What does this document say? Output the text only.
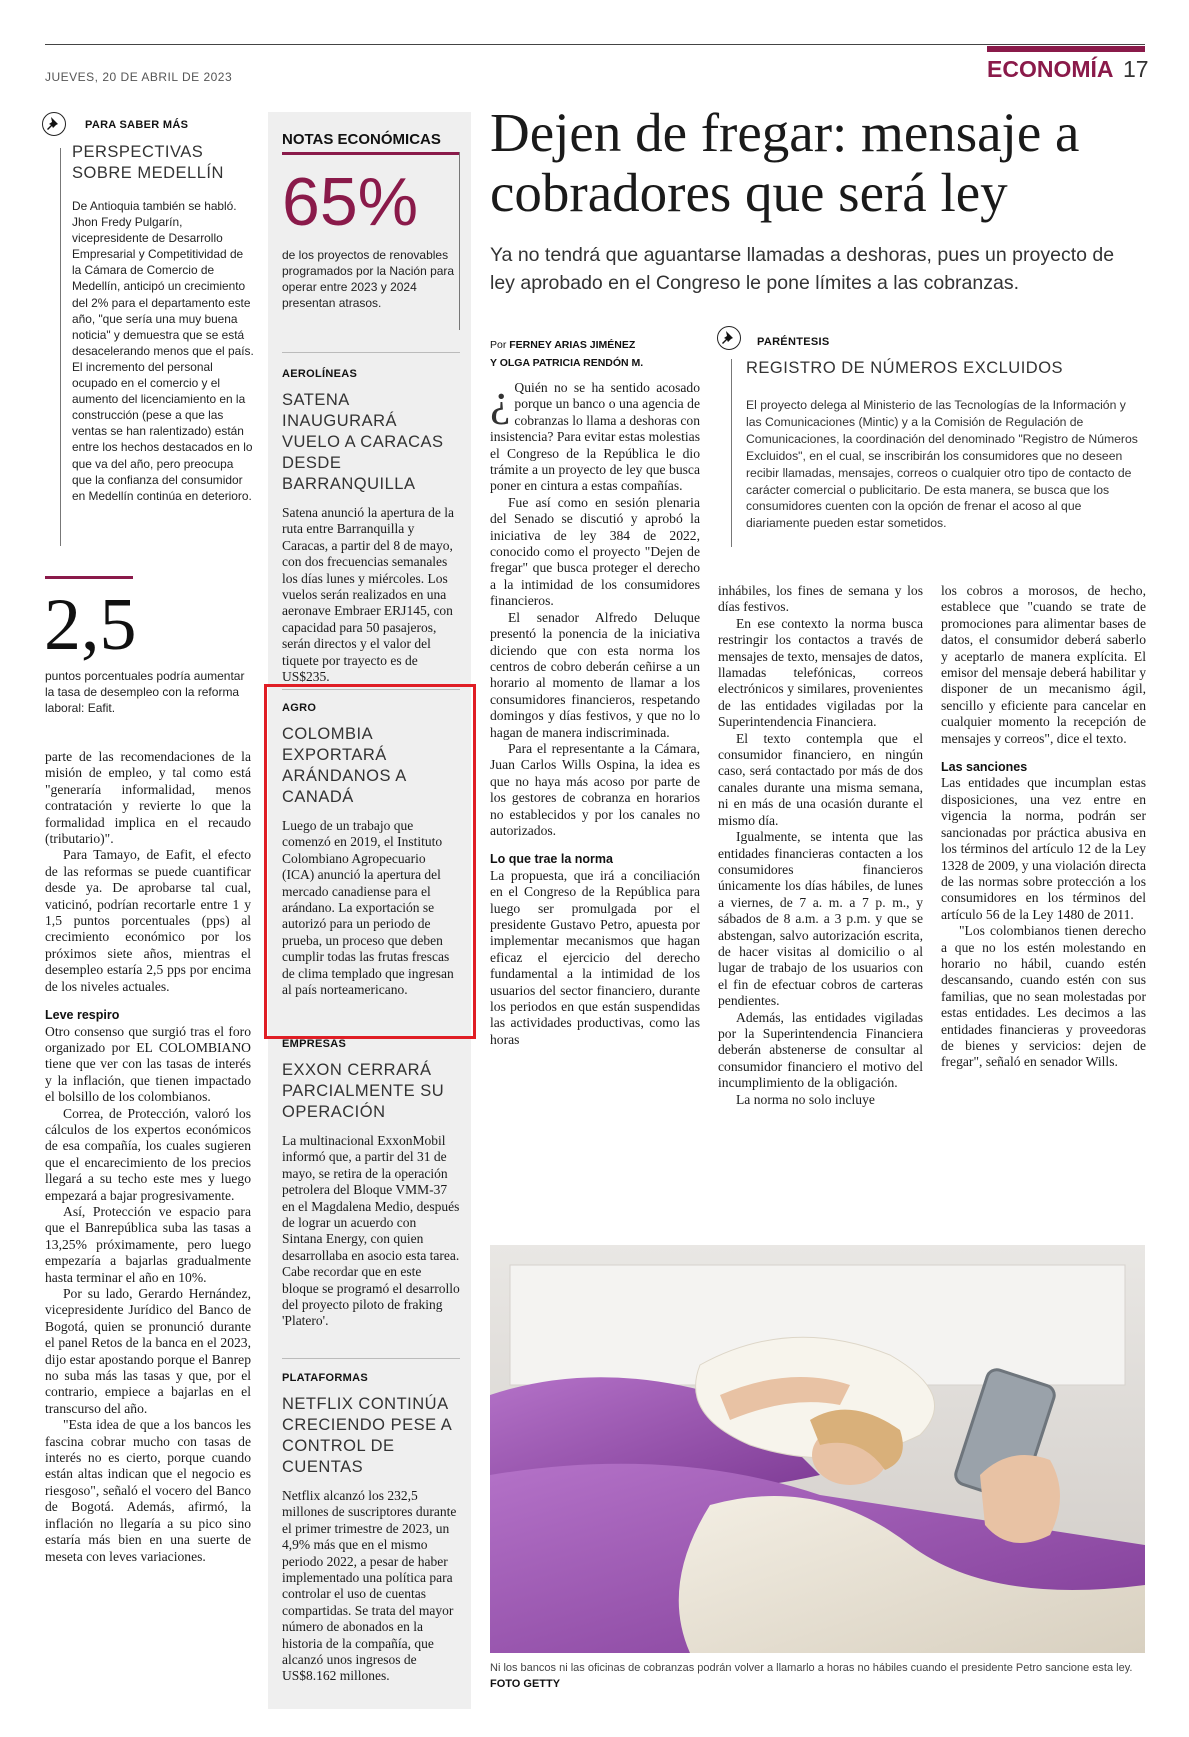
JUEVES, 20 DE ABRIL DE 2023	ECONOMÍA 17
PARA SABER MÁS
PERSPECTIVAS SOBRE MEDELLÍN
De Antioquia también se habló. Jhon Fredy Pulgarín, vicepresidente de Desarrollo Empresarial y Competitividad de la Cámara de Comercio de Medellín, anticipó un crecimiento del 2% para el departamento este año, "que sería una muy buena noticia" y demuestra que se está desacelerando menos que el país. El incremento del personal ocupado en el comercio y el aumento del licenciamiento en la construcción (pese a que las ventas se han ralentizado) están entre los hechos destacados en lo que va del año, pero preocupa que la confianza del consumidor en Medellín continúa en deterioro.
2,5
puntos porcentuales podría aumentar la tasa de desempleo con la reforma laboral: Eafit.

parte de las recomendaciones de la misión de empleo, y tal como está "generaría informalidad, menos contratación y revierte lo que la formalidad implica en el recaudo (tributario)".

Para Tamayo, de Eafit, el efecto de las reformas se puede cuantificar desde ya. De aprobarse tal cual, vaticinó, podrían recortarle entre 1 y 1,5 puntos porcentuales (pps) al crecimiento económico por los próximos siete años, mientras el desempleo estaría 2,5 pps por encima de los niveles actuales.

Leve respiro

Otro consenso que surgió tras el foro organizado por EL COLOMBIANO tiene que ver con las tasas de interés y la inflación, que tienen impactado el bolsillo de los colombianos.

Correa, de Protección, valoró los cálculos de los expertos económicos de esa compañía, los cuales sugieren que el encarecimiento de los precios llegará a su techo este mes y luego empezará a bajar progresivamente.

Así, Protección ve espacio para que el Banrepública suba las tasas a 13,25% próximamente, pero luego empezaría a bajarlas gradualmente hasta terminar el año en 10%.

Por su lado, Gerardo Hernández, vicepresidente Jurídico del Banco de Bogotá, quien se pronunció durante el panel Retos de la banca en el 2023, dijo estar apostando porque el Banrep no suba más las tasas y que, por el contrario, empiece a bajarlas en el transcurso del año.

"Esta idea de que a los bancos les fascina cobrar mucho con tasas de interés no es cierto, porque cuando están altas indican que el negocio es riesgoso", señaló el vocero del Banco de Bogotá. Además, afirmó, la inflación no llegaría a su pico sino estaría más bien en una suerte de meseta con leves variaciones.

NOTAS ECONÓMICAS
65%
de los proyectos de renovables programados por la Nación para operar entre 2023 y 2024 presentan atrasos.
AEROLÍNEAS
SATENA INAUGURARÁ VUELO A CARACAS DESDE BARRANQUILLA
Satena anunció la apertura de la ruta entre Barranquilla y Caracas, a partir del 8 de mayo, con dos frecuencias semanales los días lunes y miércoles. Los vuelos serán realizados en una aeronave Embraer ERJ145, con capacidad para 50 pasajeros, serán directos y el valor del tiquete por trayecto es de US$235.
AGRO
COLOMBIA EXPORTARÁ ARÁNDANOS A CANADÁ
Luego de un trabajo que comenzó en 2019, el Instituto Colombiano Agropecuario (ICA) anunció la apertura del mercado canadiense para el arándano. La exportación se autorizó para un periodo de prueba, un proceso que deben cumplir todas las frutas frescas de clima templado que ingresan al país norteamericano.
EMPRESAS
EXXON CERRARÁ PARCIALMENTE SU OPERACIÓN
La multinacional ExxonMobil informó que, a partir del 31 de mayo, se retira de la operación petrolera del Bloque VMM-37 en el Magdalena Medio, después de lograr un acuerdo con Sintana Energy, con quien desarrollaba en asocio esta tarea. Cabe recordar que en este bloque se programó el desarrollo del proyecto piloto de fraking 'Platero'.
PLATAFORMAS
NETFLIX CONTINÚA CRECIENDO PESE A CONTROL DE CUENTAS
Netflix alcanzó los 232,5 millones de suscriptores durante el primer trimestre de 2023, un 4,9% más que en el mismo periodo 2022, a pesar de haber implementado una política para controlar el uso de cuentas compartidas. Se trata del mayor número de abonados en la historia de la compañía, que alcanzó unos ingresos de US$8.162 millones.
Dejen de fregar: mensaje a cobradores que será ley
Ya no tendrá que aguantarse llamadas a deshoras, pues un proyecto de ley aprobado en el Congreso le pone límites a las cobranzas.
Por FERNEY ARIAS JIMÉNEZ
Y OLGA PATRICIA RENDÓN M.
PARÉNTESIS
REGISTRO DE NÚMEROS EXCLUIDOS
El proyecto delega al Ministerio de las Tecnologías de la Información y las Comunicaciones (Mintic) y a la Comisión de Regulación de Comunicaciones, la coordinación del denominado "Registro de Números Excluidos", en el cual, se inscribirán los consumidores que no deseen recibir llamadas, mensajes, correos o cualquier otro tipo de contacto de carácter comercial o publicitario. De esta manera, se busca que los consumidores cuenten con la opción de frenar el acoso al que diariamente pueden estar sometidos.

¿ Quién no se ha sentido acosado porque un banco o una agencia de cobranzas lo llama a deshoras con insistencia? Para evitar estas molestias el Congreso de la República le dio trámite a un proyecto de ley que busca poner en cintura a estas compañías.

Fue así como en sesión plenaria del Senado se discutió y aprobó la iniciativa de ley 384 de 2022, conocido como el proyecto "Dejen de fregar" que busca proteger el derecho a la intimidad de los consumidores financieros.

El senador Alfredo Deluque presentó la ponencia de la iniciativa diciendo que con esta norma los centros de cobro deberán ceñirse a un horario al momento de llamar a los consumidores financieros, respetando domingos y días festivos, y que no lo hagan de manera indiscriminada.

Para el representante a la Cámara, Juan Carlos Wills Ospina, la idea es que no haya más acoso por parte de los gestores de cobranza en horarios no establecidos y por los canales no autorizados.

Lo que trae la norma

La propuesta, que irá a conciliación en el Congreso de la República para luego ser promulgada por el presidente Gustavo Petro, apuesta por implementar mecanismos que hagan eficaz el ejercicio del derecho fundamental a la intimidad de los usuarios del sector financiero, durante los periodos en que están suspendidas las actividades productivas, como las horas

inhábiles, los fines de semana y los días festivos.

En ese contexto la norma busca restringir los contactos a través de mensajes de texto, mensajes de datos, llamadas telefónicas, correos electrónicos y similares, provenientes de las entidades vigiladas por la Superintendencia Financiera.

El texto contempla que el consumidor financiero, en ningún caso, será contactado por más de dos canales durante una misma semana, ni en más de una ocasión durante el mismo día.

Igualmente, se intenta que las entidades financieras contacten a los consumidores financieros únicamente los días hábiles, de lunes a viernes, de 7 a. m. a 7 p. m., y sábados de 8 a.m. a 3 p.m. y que se abstengan, salvo autorización escrita, de hacer visitas al domicilio o al lugar de trabajo de los usuarios con el fin de efectuar cobros de carteras pendientes.

Además, las entidades vigiladas por la Superintendencia Financiera deberán abstenerse de consultar al consumidor financiero el motivo del incumplimiento de la obligación.

La norma no solo incluye

los cobros a morosos, de hecho, establece que "cuando se trate de promociones para alimentar bases de datos, el consumidor deberá saberlo y aceptarlo de manera explícita. El emisor del mensaje deberá habilitar y disponer de un mecanismo ágil, sencillo y eficiente para cancelar en cualquier momento la recepción de mensajes y correos", dice el texto.

Las sanciones

Las entidades que incumplan estas disposiciones, una vez entre en vigencia la norma, podrán ser sancionadas por práctica abusiva en los términos del artículo 12 de la Ley 1328 de 2009, y una violación directa de las normas sobre protección a los consumidores en los términos del artículo 56 de la Ley 1480 de 2011.

"Los colombianos tienen derecho a que no los estén molestando en horario no hábil, cuando estén descansando, cuando estén con sus familias, que no sean molestadas por estas entidades. Les decimos a las entidades financieras y proveedoras de bienes y servicios: dejen de fregar", señaló en senador Wills.

Ni los bancos ni las oficinas de cobranzas podrán volver a llamarlo a horas no hábiles cuando el presidente Petro sancione esta ley. FOTO GETTY
